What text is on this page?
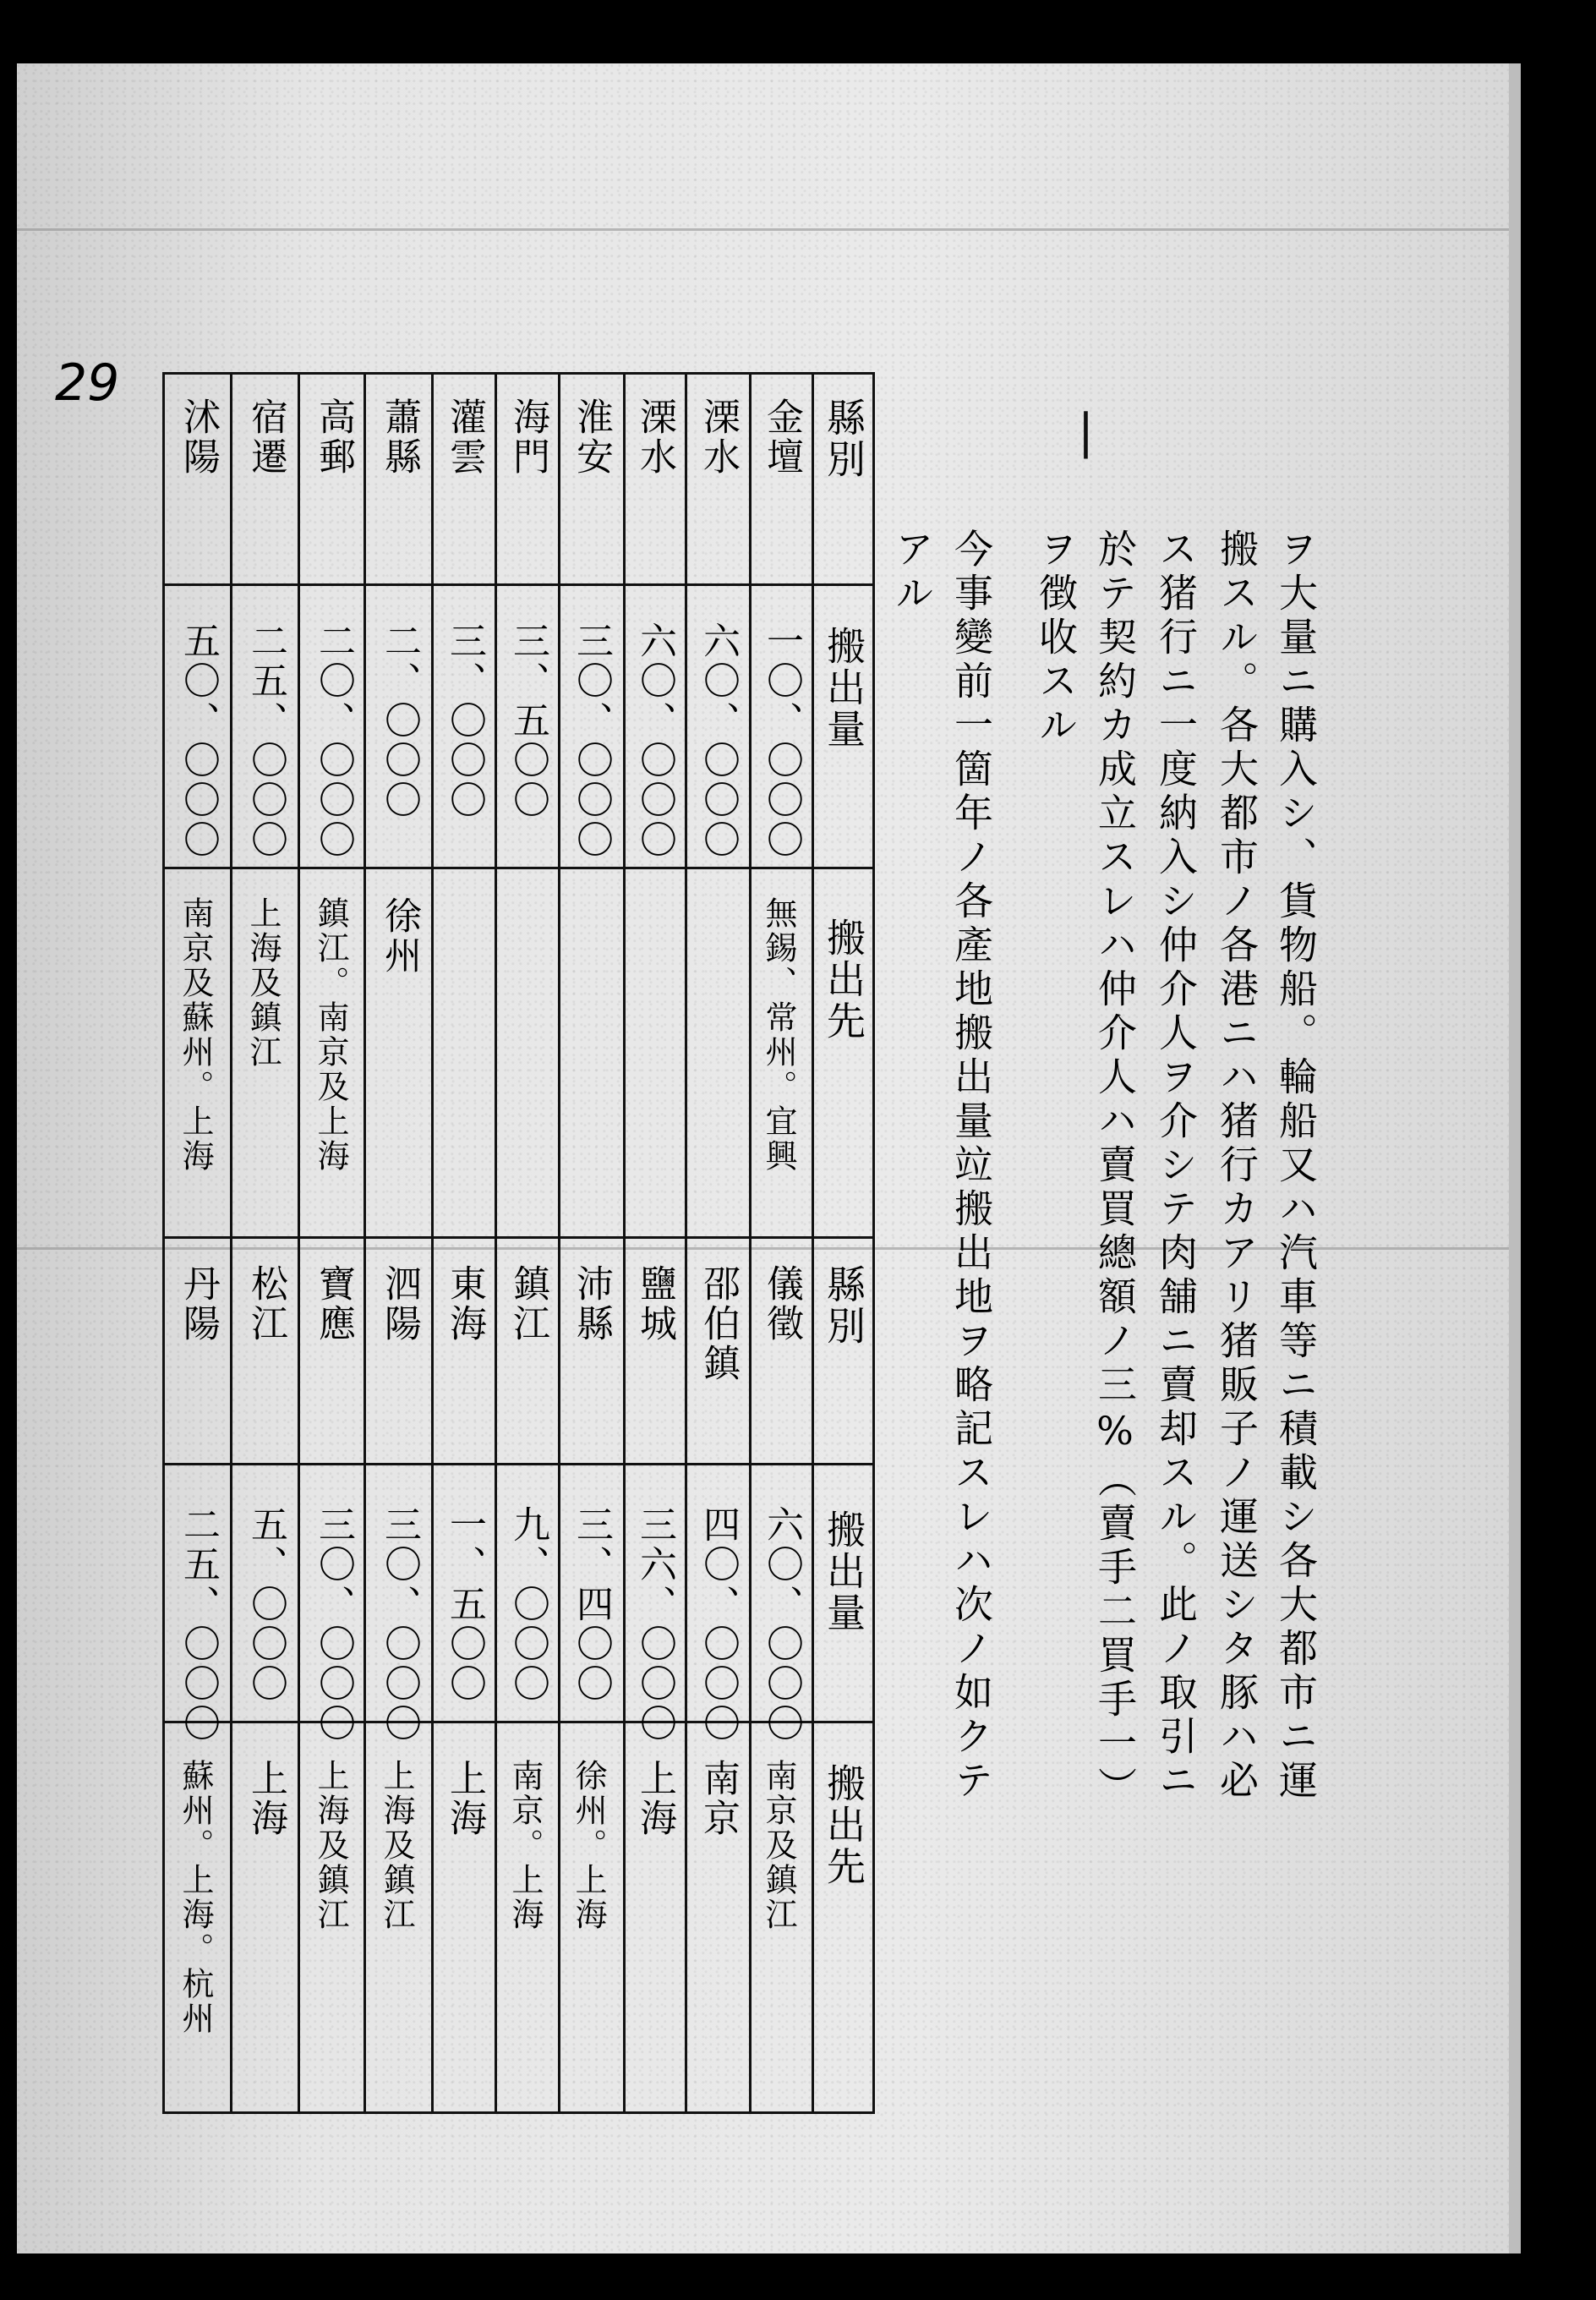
29
|
ヲ大量ニ購入シ、貨物船。輪船又ハ汽車等ニ積載シ各大都市ニ運
搬スル。各大都市ノ各港ニハ猪行カアリ猪販子ノ運送シタ豚ハ必
ス猪行ニ一度納入シ仲介人ヲ介シテ肉舗ニ賣却スル。此ノ取引ニ
於テ契約カ成立スレハ仲介人ハ賣買總額ノ三%（賣手二買手一）
ヲ徴收スル
今事變前一箇年ノ各產地搬出量竝搬出地ヲ略記スレハ次ノ如クテ
アル
縣別
搬出量
搬出先
金壇
一〇、〇〇〇
無錫、常州。宜興
溧水
六〇、〇〇〇
溧水
六〇、〇〇〇
淮安
三〇、〇〇〇
海門
三、五〇〇
灌雲
三、〇〇〇
蕭縣
二、〇〇〇
徐州
高郵
二〇、〇〇〇
鎮江。南京及上海
宿遷
二五、〇〇〇
上海及鎮江
沭陽
五〇、〇〇〇
南京及蘇州。上海
縣別
搬出量
搬出先
儀徵
六〇、〇〇〇
南京及鎮江
邵伯鎮
四〇、〇〇〇
南京
鹽城
三六、〇〇〇
上海
沛縣
三、四〇〇
徐州。上海
鎮江
九、〇〇〇
南京。上海
東海
一、五〇〇
上海
泗陽
三〇、〇〇〇
上海及鎮江
寶應
三〇、〇〇〇
上海及鎮江
松江
五、〇〇〇
上海
丹陽
二五、〇〇〇
蘇州。上海。杭州
